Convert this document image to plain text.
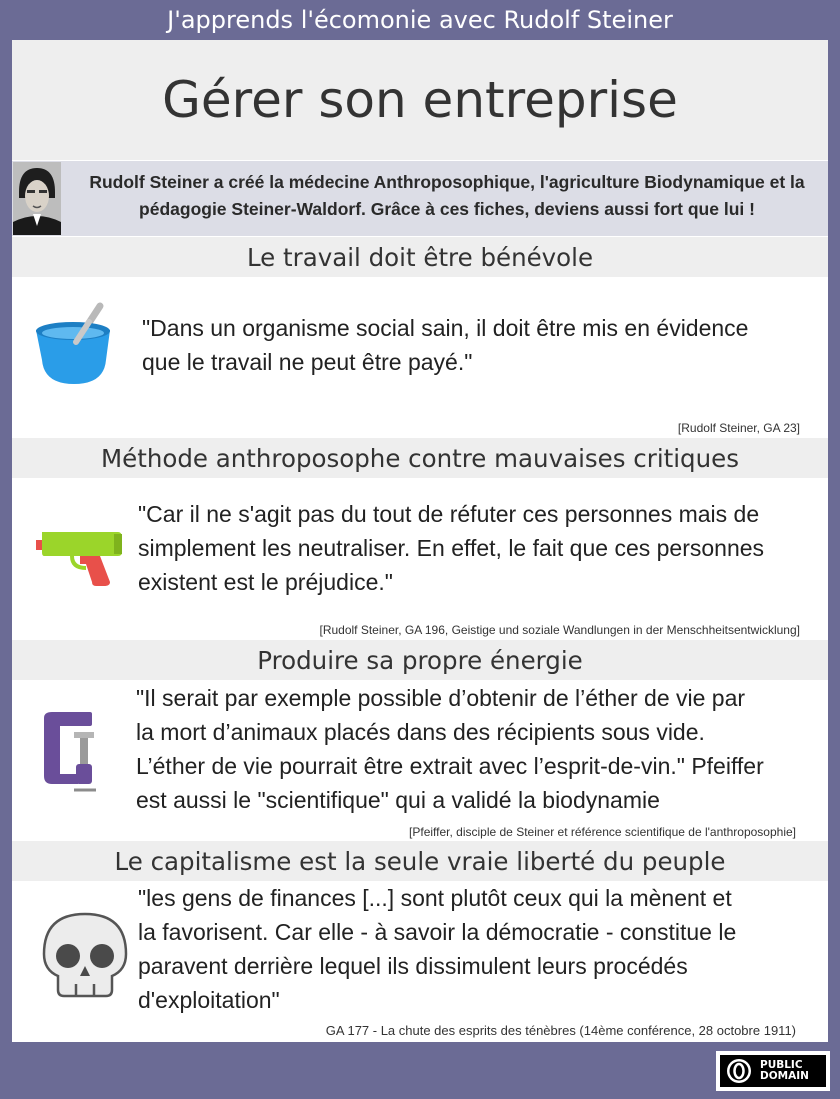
J'apprends l'écomonie avec Rudolf Steiner
Gérer son entreprise
Rudolf Steiner a créé la médecine Anthroposophique, l'agriculture Biodynamique et la
pédagogie Steiner-Waldorf. Grâce à ces fiches, deviens aussi fort que lui !
Le travail doit être bénévole
"Dans un organisme social sain, il doit être mis en évidence
que le travail ne peut être payé."
[Rudolf Steiner, GA 23]
Méthode anthroposophe contre mauvaises critiques
"Car il ne s'agit pas du tout de réfuter ces personnes mais de
simplement les neutraliser. En effet, le fait que ces personnes
existent est le préjudice."
[Rudolf Steiner, GA 196, Geistige und soziale Wandlungen in der Menschheitsentwicklung]
Produire sa propre énergie
"Il serait par exemple possible d’obtenir de l’éther de vie par
la mort d’animaux placés dans des récipients sous vide.
L’éther de vie pourrait être extrait avec l’esprit-de-vin." Pfeiffer
est aussi le "scientifique" qui a validé la biodynamie
[Pfeiffer, disciple de Steiner et référence scientifique de l'anthroposophie]
Le capitalisme est la seule vraie liberté du peuple
"les gens de finances [...] sont plutôt ceux qui la mènent et
la favorisent. Car elle - à savoir la démocratie - constitue le
paravent derrière lequel ils dissimulent leurs procédés
d'exploitation"
GA 177 - La chute des esprits des ténèbres (14ème conférence, 28 octobre 1911)
PUBLIC
DOMAIN
